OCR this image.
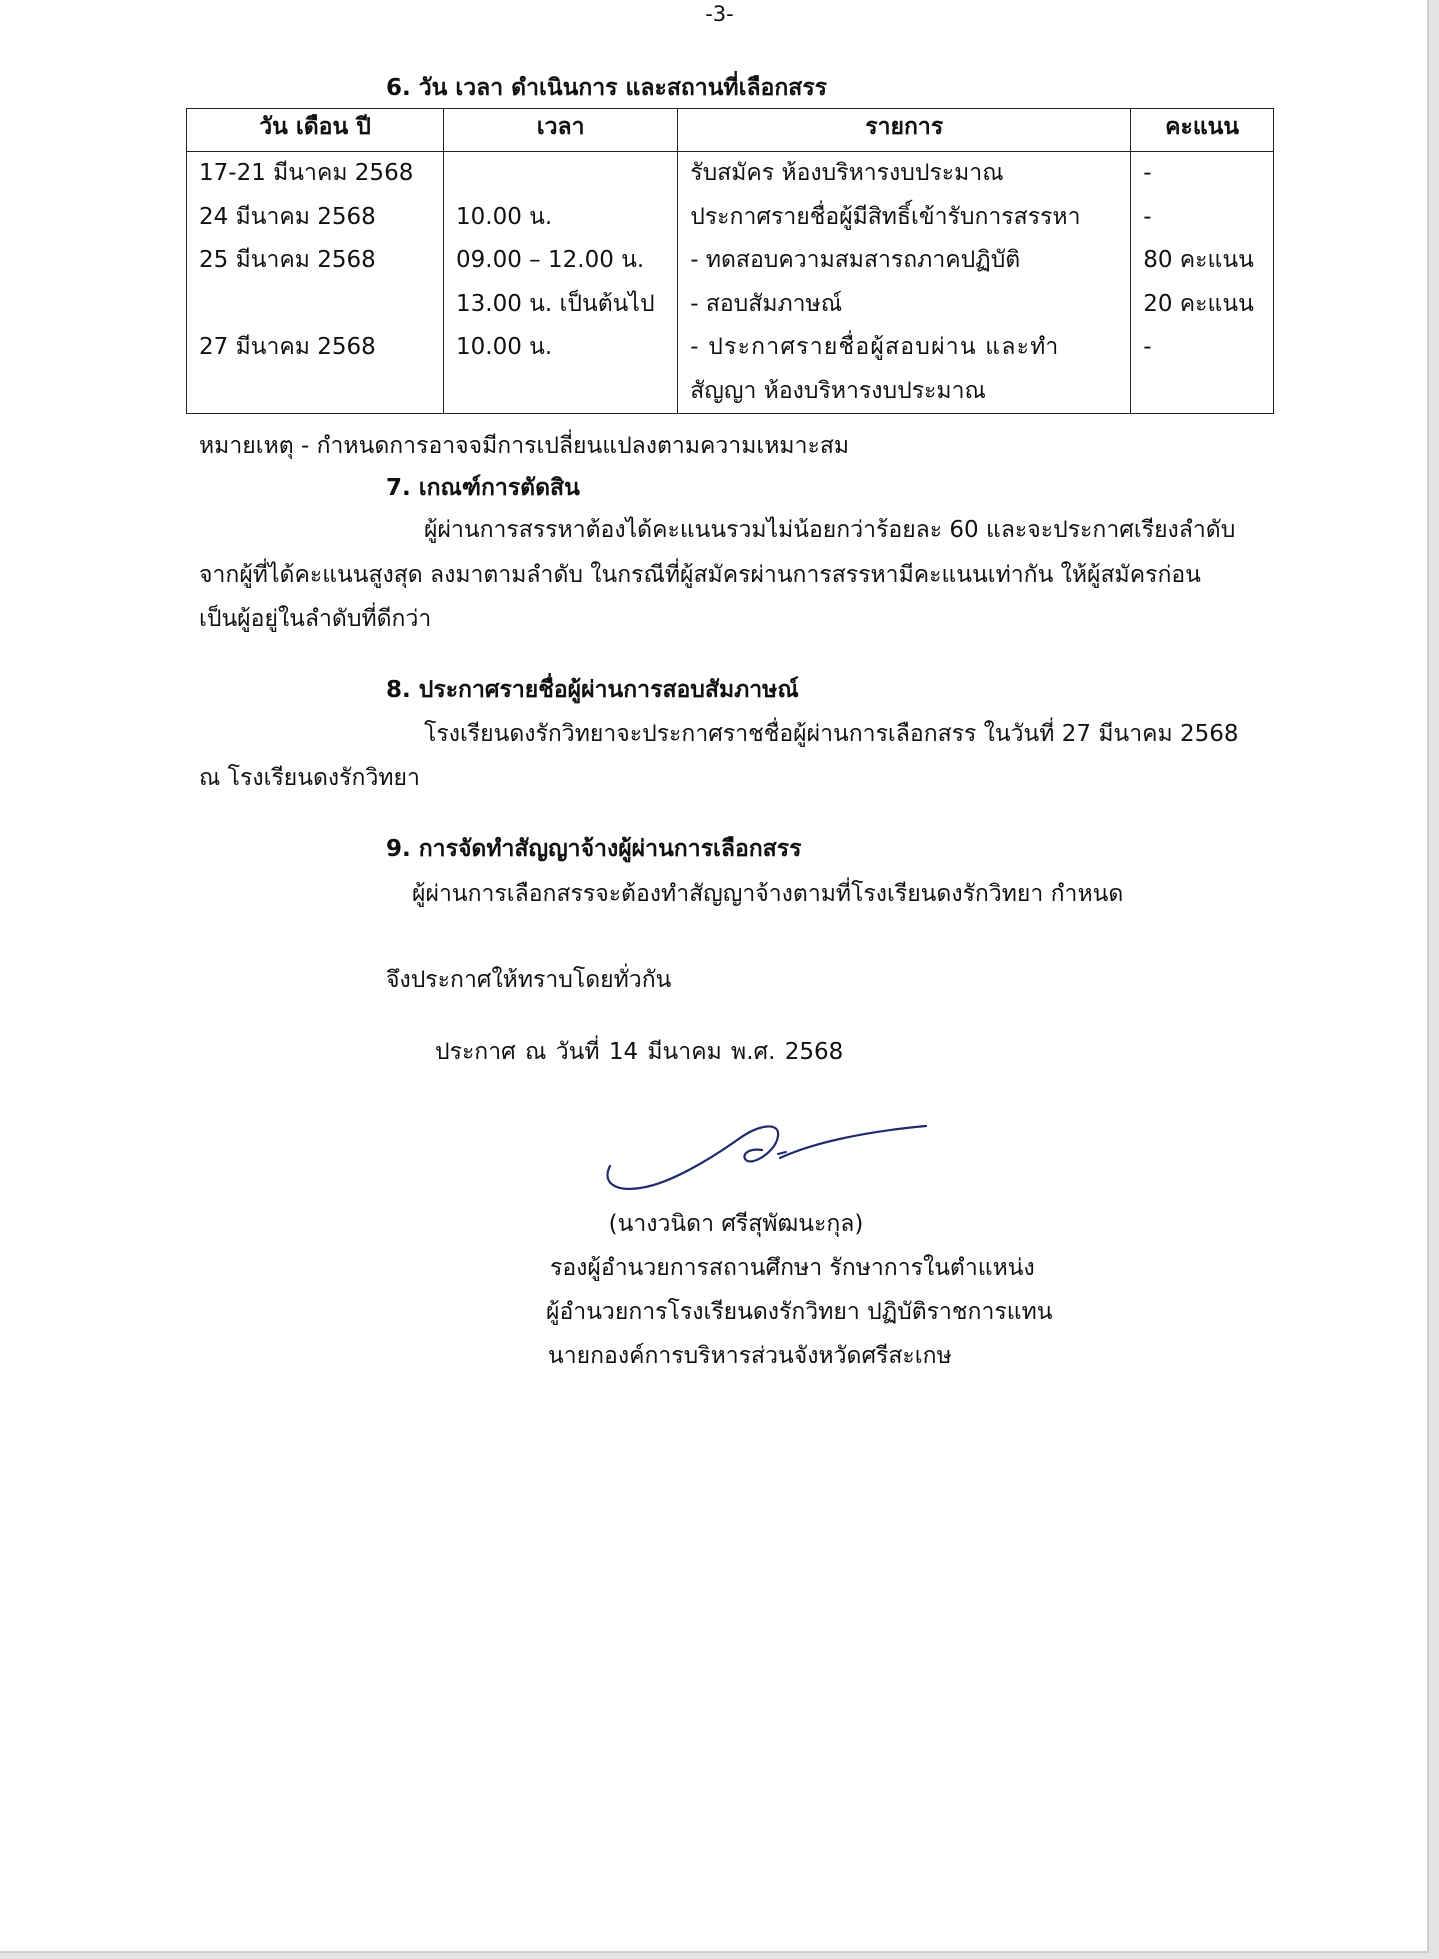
-3-
6. วัน เวลา ดำเนินการ และสถานที่เลือกสรร
วัน เดือน ปี	เวลา	รายการ	คะแนน
17-21 มีนาคม 2568		รับสมัคร ห้องบริหารงบประมาณ	-
24 มีนาคม 2568	10.00 น.	ประกาศรายชื่อผู้มีสิทธิ์เข้ารับการสรรหา	-
25 มีนาคม 2568	09.00 – 12.00 น.	- ทดสอบความสมสารถภาคปฏิบัติ	80 คะแนน
	13.00 น. เป็นต้นไป	- สอบสัมภาษณ์	20 คะแนน
27 มีนาคม 2568	10.00 น.	- ประกาศรายชื่อผู้สอบผ่าน และทำ	-
		สัญญา ห้องบริหารงบประมาณ	
หมายเหตุ - กำหนดการอาจจมีการเปลี่ยนแปลงตามความเหมาะสม
7. เกณฑ์การตัดสิน
ผู้ผ่านการสรรหาต้องได้คะแนนรวมไม่น้อยกว่าร้อยละ 60 และจะประกาศเรียงลำดับ
จากผู้ที่ได้คะแนนสูงสุด ลงมาตามลำดับ ในกรณีที่ผู้สมัครผ่านการสรรหามีคะแนนเท่ากัน ให้ผู้สมัครก่อน
เป็นผู้อยู่ในลำดับที่ดีกว่า
8. ประกาศรายชื่อผู้ผ่านการสอบสัมภาษณ์
โรงเรียนดงรักวิทยาจะประกาศราชชื่อผู้ผ่านการเลือกสรร ในวันที่ 27 มีนาคม 2568
ณ โรงเรียนดงรักวิทยา
9. การจัดทำสัญญาจ้างผู้ผ่านการเลือกสรร
ผู้ผ่านการเลือกสรรจะต้องทำสัญญาจ้างตามที่โรงเรียนดงรักวิทยา กำหนด
จึงประกาศให้ทราบโดยทั่วกัน
ประกาศ ณ วันที่ 14 มีนาคม พ.ศ. 2568
(นางวนิดา ศรีสุพัฒนะกุล)
รองผู้อำนวยการสถานศึกษา รักษาการในตำแหน่ง
ผู้อำนวยการโรงเรียนดงรักวิทยา ปฏิบัติราชการแทน
นายกองค์การบริหารส่วนจังหวัดศรีสะเกษ
